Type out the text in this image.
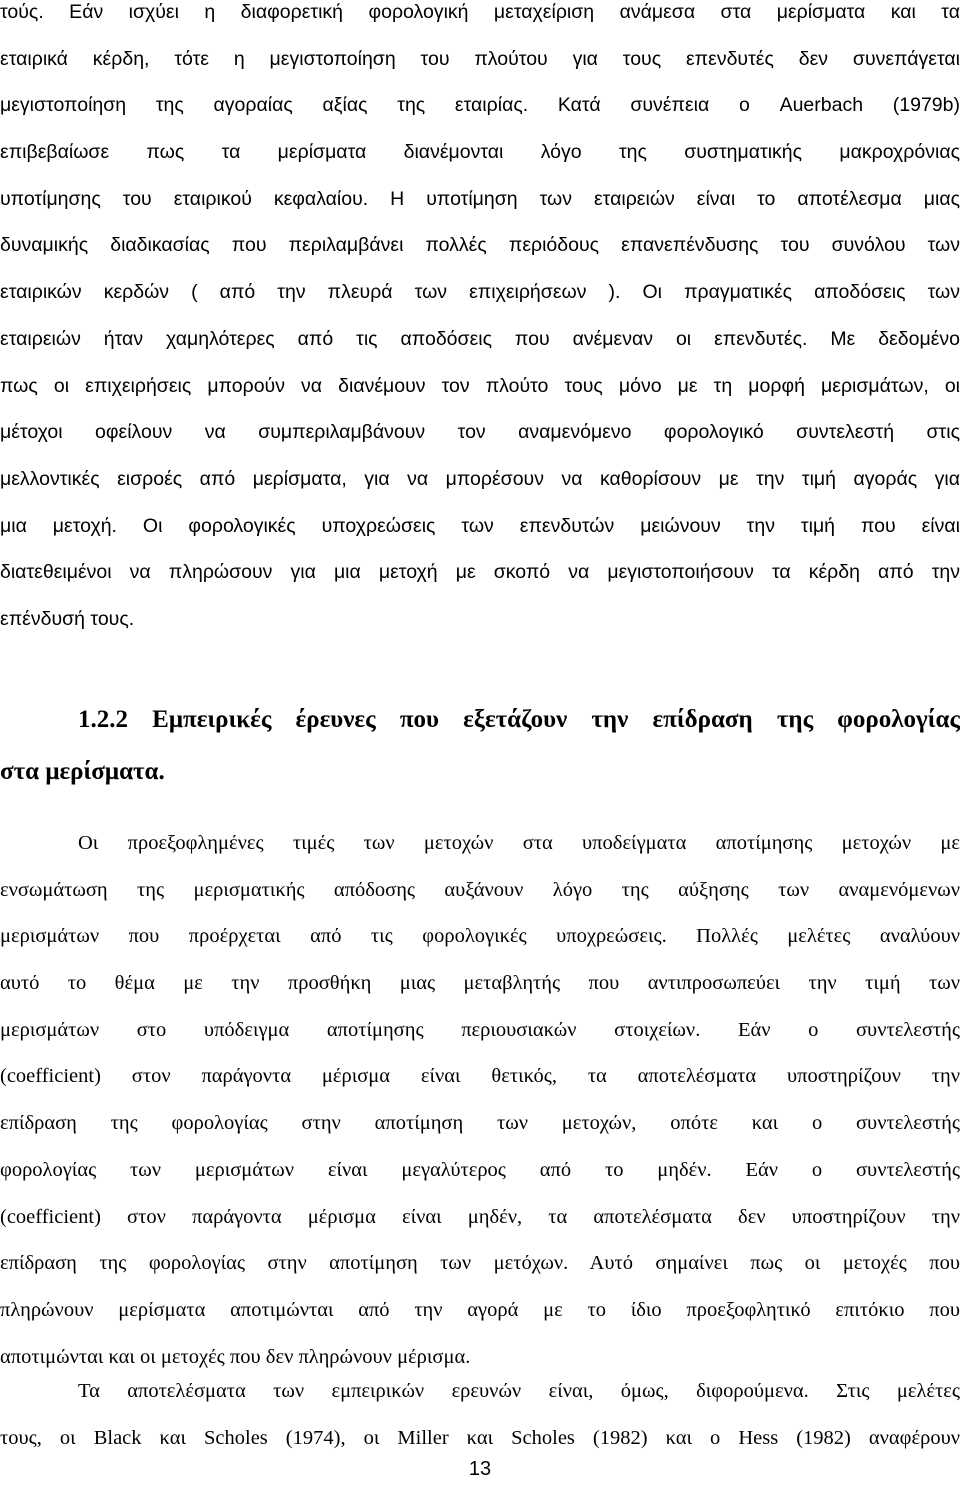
τούς. Εάν ισχύει η διαφορετική φορολογική μεταχείριση ανάμεσα στα μερίσματα και τα
εταιρικά κέρδη, τότε η μεγιστοποίηση του πλούτου για τους επενδυτές δεν συνεπάγεται
μεγιστοποίηση της αγοραίας αξίας της εταιρίας. Κατά συνέπεια ο Auerbach (1979b)
επιβεβαίωσε πως τα μερίσματα διανέμονται λόγο της συστηματικής μακροχρόνιας
υποτίμησης του εταιρικού κεφαλαίου. Η υποτίμηση των εταιρειών είναι το αποτέλεσμα μιας
δυναμικής διαδικασίας που περιλαμβάνει πολλές περιόδους επανεπένδυσης του συνόλου των
εταιρικών κερδών ( από την πλευρά των επιχειρήσεων ). Οι πραγματικές αποδόσεις των
εταιρειών ήταν χαμηλότερες από τις αποδόσεις που ανέμεναν οι επενδυτές. Με δεδομένο
πως οι επιχειρήσεις μπορούν να διανέμουν τον πλούτο τους μόνο με τη μορφή μερισμάτων, οι
μέτοχοι οφείλουν να συμπεριλαμβάνουν τον αναμενόμενο φορολογικό συντελεστή στις
μελλοντικές εισροές από μερίσματα, για να μπορέσουν να καθορίσουν με την τιμή αγοράς για
μια μετοχή. Οι φορολογικές υποχρεώσεις των επενδυτών μειώνουν την τιμή που είναι
διατεθειμένοι να πληρώσουν για μια μετοχή με σκοπό να μεγιστοποιήσουν τα κέρδη από την
επένδυσή τους.
1.2.2 Εμπειρικές έρευνες που εξετάζουν την επίδραση της φορολογίας
στα μερίσματα.
Οι προεξοφλημένες τιμές των μετοχών στα υποδείγματα αποτίμησης μετοχών με
ενσωμάτωση της μερισματικής απόδοσης αυξάνουν λόγο της αύξησης των αναμενόμενων
μερισμάτων που προέρχεται από τις φορολογικές υποχρεώσεις. Πολλές μελέτες αναλύουν
αυτό το θέμα με την προσθήκη μιας μεταβλητής που αντιπροσωπεύει την τιμή των
μερισμάτων στο υπόδειγμα αποτίμησης περιουσιακών στοιχείων. Εάν ο συντελεστής
(coefficient) στον παράγοντα μέρισμα είναι θετικός, τα αποτελέσματα υποστηρίζουν την
επίδραση της φορολογίας στην αποτίμηση των μετοχών, οπότε και ο συντελεστής
φορολογίας των μερισμάτων είναι μεγαλύτερος από το μηδέν. Εάν ο συντελεστής
(coefficient) στον παράγοντα μέρισμα είναι μηδέν, τα αποτελέσματα δεν υποστηρίζουν την
επίδραση της φορολογίας στην αποτίμηση των μετόχων. Αυτό σημαίνει πως οι μετοχές που
πληρώνουν μερίσματα αποτιμώνται από την αγορά με το ίδιο προεξοφλητικό επιτόκιο που
αποτιμώνται και οι μετοχές που δεν πληρώνουν μέρισμα.
Τα αποτελέσματα των εμπειρικών ερευνών είναι, όμως, διφορούμενα. Στις μελέτες
τους, οι Black και Scholes (1974), οι Miller και Scholes (1982) και ο Hess (1982) αναφέρουν
13
